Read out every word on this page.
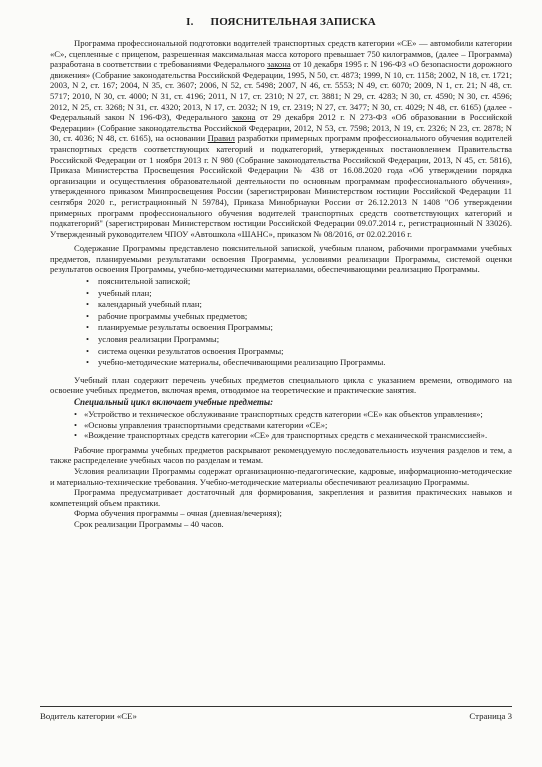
I. ПОЯСНИТЕЛЬНАЯ ЗАПИСКА

Программа профессиональной подготовки водителей транспортных средств категории «СЕ» — автомобили категории «С», сцепленные с прицепом, разрешенная максимальная масса которого превышает 750 килограммов, (далее – Программа) разработана в соответствии с требованиями Федерального закона от 10 декабря 1995 г. N 196-ФЗ «О безопасности дорожного движения» (Собрание законодательства Российской Федерации, 1995, N 50, ст. 4873; 1999, N 10, ст. 1158; 2002, N 18, ст. 1721; 2003, N 2, ст. 167; 2004, N 35, ст. 3607; 2006, N 52, ст. 5498; 2007, N 46, ст. 5553; N 49, ст. 6070; 2009, N 1, ст. 21; N 48, ст. 5717; 2010, N 30, ст. 4000; N 31, ст. 4196; 2011, N 17, ст. 2310; N 27, ст. 3881; N 29, ст. 4283; N 30, ст. 4590; N 30, ст. 4596; 2012, N 25, ст. 3268; N 31, ст. 4320; 2013, N 17, ст. 2032; N 19, ст. 2319; N 27, ст. 3477; N 30, ст. 4029; N 48, ст. 6165) (далее - Федеральный закон N 196-ФЗ), Федерального закона от 29 декабря 2012 г. N 273-ФЗ «Об образовании в Российской Федерации» (Собрание законодательства Российской Федерации, 2012, N 53, ст. 7598; 2013, N 19, ст. 2326; N 23, ст. 2878; N 30, ст. 4036; N 48, ст. 6165), на основании Правил разработки примерных программ профессионального обучения водителей транспортных средств соответствующих категорий и подкатегорий, утвержденных постановлением Правительства Российской Федерации от 1 ноября 2013 г. N 980 (Собрание законодательства Российской Федерации, 2013, N 45, ст. 5816), Приказа Министерства Просвещения Российской Федерации № 438 от 16.08.2020 года «Об утверждении порядка организации и осуществления образовательной деятельности по основным программам профессионального обучения», утвержденного приказом Минпросвещения России (зарегистрирован Министерством юстиции Российской Федерации 11 сентября 2020 г., регистрационный N 59784), Приказа Минобрнауки России от 26.12.2013 N 1408 "Об утверждении примерных программ профессионального обучения водителей транспортных средств соответствующих категорий и подкатегорий" (зарегистрирован Министерством юстиции Российской Федерации 09.07.2014 г., регистрационный N 33026). Утвержденный руководителем ЧПОУ «Автошкола «ШАНС», приказом № 08/2016, от 02.02.2016 г.

Содержание Программы представлено пояснительной запиской, учебным планом, рабочими программами учебных предметов, планируемыми результатами освоения Программы, условиями реализации Программы, системой оценки результатов освоения Программы, учебно-методическими материалами, обеспечивающими реализацию Программы.

• пояснительной запиской;
• учебный план;
• календарный учебный план;
• рабочие программы учебных предметов;
• планируемые результаты освоения Программы;
• условия реализации Программы;
• система оценки результатов освоения Программы;
• учебно-методические материалы, обеспечивающими реализацию Программы.

Учебный план содержит перечень учебных предметов специального цикла с указанием времени, отводимого на освоение учебных предметов, включая время, отводимое на теоретические и практические занятия.

Специальный цикл включает учебные предметы:
• «Устройство и техническое обслуживание транспортных средств категории «СЕ» как объектов управления»;
• «Основы управления транспортными средствами категории «СЕ»;
• «Вождение транспортных средств категории «СЕ» для транспортных средств с механической трансмиссией».

Рабочие программы учебных предметов раскрывают рекомендуемую последовательность изучения разделов и тем, а также распределение учебных часов по разделам и темам.

Условия реализации Программы содержат организационно-педагогические, кадровые, информационно-методические и материально-технические требования. Учебно-методические материалы обеспечивают реализацию Программы.

Программа предусматривает достаточный для формирования, закрепления и развития практических навыков и компетенций объем практики.

Форма обучения программы – очная (дневная/вечерняя);

Срок реализации Программы – 40 часов.

Водитель категории «СЕ»	Страница 3
